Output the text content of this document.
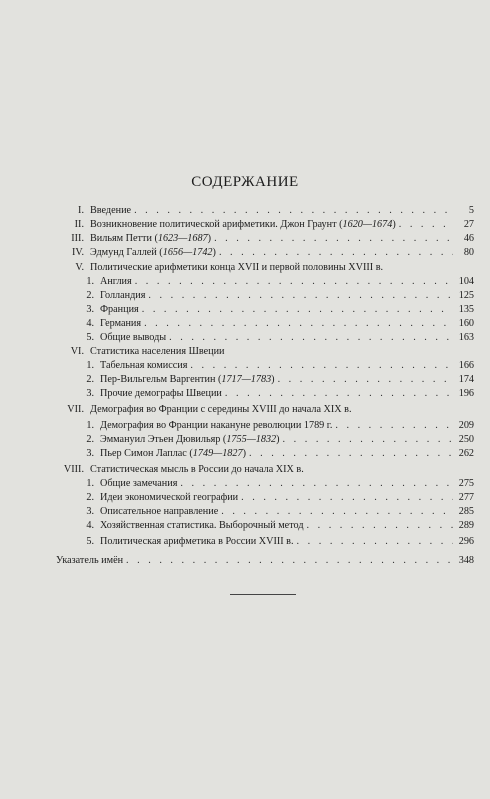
СОДЕРЖАНИЕ
I. Введение . . .	5
II. Возникновение политической арифметики. Джон Граунт (1620—1674) . . .	27
III. Вильям Петти (1623—1687) . . .	46
IV. Эдмунд Галлей (1656—1742) . . .	80
V. Политические арифметики конца XVII и первой половины XVIII в.
1. Англия . . .	104
2. Голландия . . .	125
3. Франция . . .	135
4. Германия . . .	160
5. Общие выводы . . .	163
VI. Статистика населения Швеции
1. Табельная комиссия . . .	166
2. Пер-Вильгельм Варгентин (1717—1783) . . .	174
3. Прочие демографы Швеции . . .	196
VII. Демография во Франции с середины XVIII до начала XIX в.
1. Демография во Франции накануне революции 1789 г. . . .	209
2. Эммануил Этьен Дювильяр (1755—1832) . . .	250
3. Пьер Симон Лаплас (1749—1827) . . .	262
VIII. Статистическая мысль в России до начала XIX в.
1. Общие замечания . . .	275
2. Идеи экономической географии . . .	277
3. Описательное направление . . .	285
4. Хозяйственная статистика. Выборочный метод . . .	289
5. Политическая арифметика в России XVIII в. . . .	296
Указатель имён . . .	348
